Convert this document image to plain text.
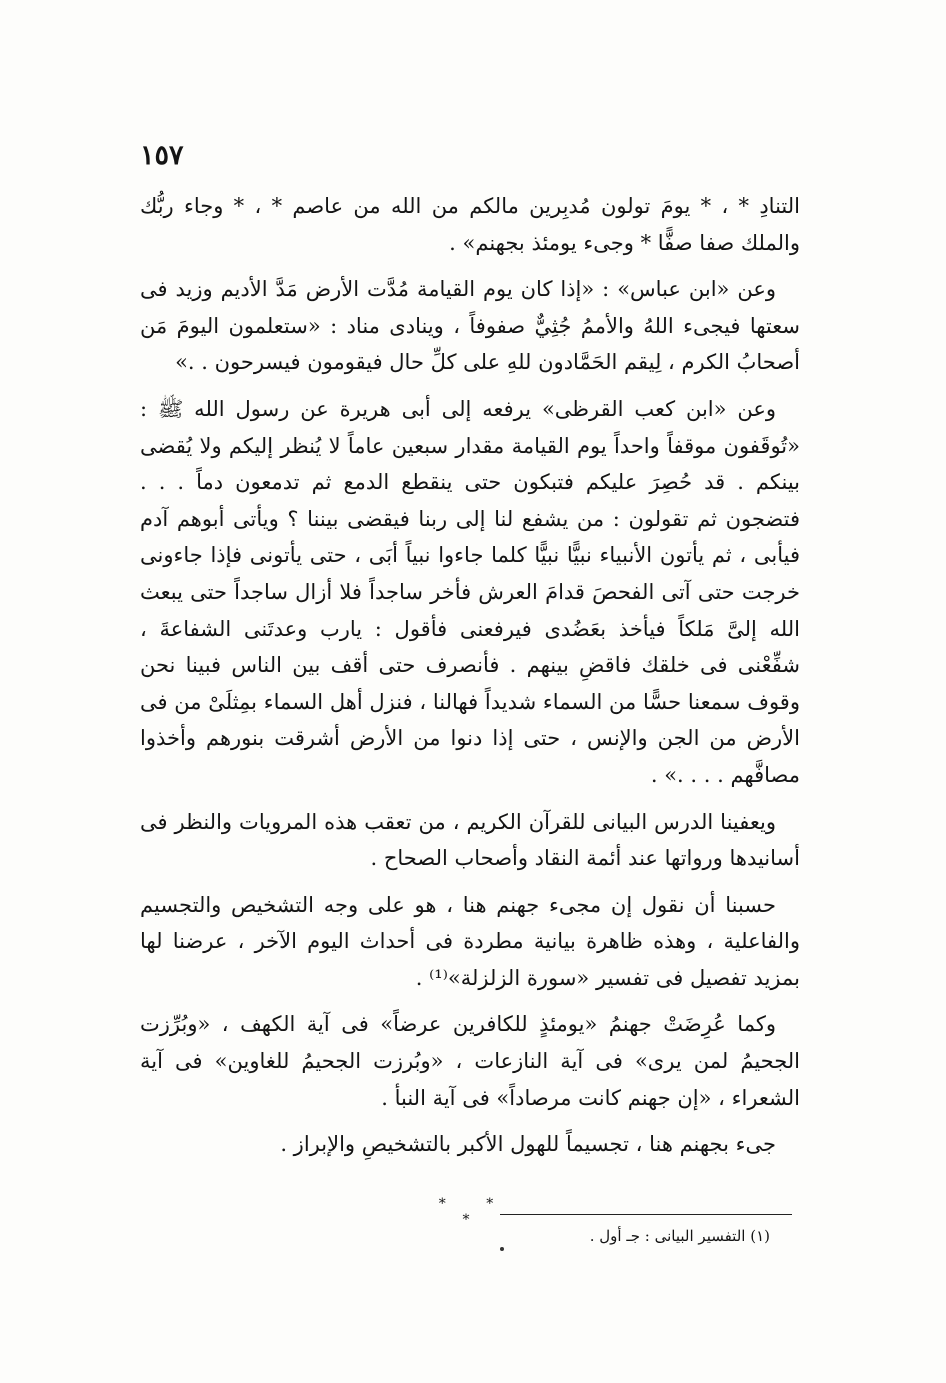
١٥٧

التنادِ * ، * يومَ تولون مُدبِرين مالكم من الله من عاصم * ، * وجاء ربُّك والملك صفا صفًّا * وجىء يومئذ بجهنم» .

وعن «ابن عباس» : «إذا كان يوم القيامة مُدَّت الأرض مَدَّ الأديم وزيد فى سعتها فيجىء اللهُ والأممُ جُثِيٌّ صفوفاً ، وينادى مناد : «ستعلمون اليومَ مَن أصحابُ الكرم ، لِيقم الحَمَّادون للهِ على كلِّ حال فيقومون فيسرحون . .»

وعن «ابن كعب القرظى» يرفعه إلى أبى هريرة عن رسول الله ﷺ : «تُوقَفون موقفاً واحداً يوم القيامة مقدار سبعين عاماً لا يُنظر إليكم ولا يُقضى بينكم . قد حُصِرَ عليكم فتبكون حتى ينقطع الدمع ثم تدمعون دماً . . . فتضجون ثم تقولون : من يشفع لنا إلى ربنا فيقضى بيننا ؟ ويأتى أبوهم آدم فيأبى ، ثم يأتون الأنبياء نبيًّا نبيًّا كلما جاءوا نبياً أبَى ، حتى يأتونى فإذا جاءونى خرجت حتى آتى الفحصَ قدامَ العرش فأخر ساجداً فلا أزال ساجداً حتى يبعث الله إلىَّ مَلكاً فيأخذ بعَضُدى فيرفعنى فأقول : يارب وعدتَنى الشفاعةَ ، شفِّعْنى فى خلقك فاقضِ بينهم . فأنصرف حتى أقف بين الناس فبينا نحن وقوف سمعنا حسًّا من السماء شديداً فهالنا ، فنزل أهل السماء بمِثلَىْ من فى الأرض من الجن والإنس ، حتى إذا دنوا من الأرض أشرقت بنورهم وأخذوا مصافَّهم . . . .» .

ويعفينا الدرس البيانى للقرآن الكريم ، من تعقب هذه المرويات والنظر فى أسانيدها ورواتها عند أئمة النقاد وأصحاب الصحاح .

حسبنا أن نقول إن مجىء جهنم هنا ، هو على وجه التشخيص والتجسيم والفاعلية ، وهذه ظاهرة بيانية مطردة فى أحداث اليوم الآخر ، عرضنا لها بمزيد تفصيل فى تفسير «سورة الزلزلة»⁽¹⁾ .

وكما عُرِضَتْ جهنمُ «يومئذٍ للكافرين عرضاً» فى آية الكهف ، «وبُرِّزت الجحيمُ لمن يرى» فى آية النازعات ، «وبُرزت الجحيمُ للغاوين» فى آية الشعراء ، «إن جهنم كانت مرصاداً» فى آية النبأ .

جىء بجهنم هنا ، تجسيماً للهول الأكبر بالتشخيصِ والإبراز .

* * *
(١) التفسير البيانى : جـ أول .
